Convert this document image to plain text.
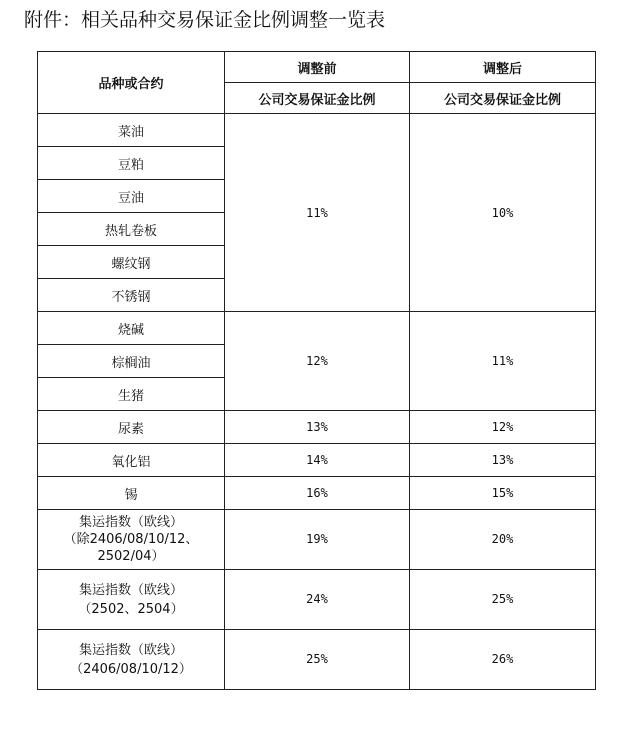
附件：相关品种交易保证金比例调整一览表
品种或合约	调整前	调整后
	公司交易保证金比例	公司交易保证金比例
菜油	11%	10%
豆粕		
豆油		
热轧卷板		
螺纹钢		
不锈钢		
烧碱	12%	11%
棕榈油		
生猪		
尿素	13%	12%
氧化铝	14%	13%
锡	16%	15%
集运指数（欧线）
（除2406/08/10/12、
2502/04）	19%	20%
集运指数（欧线）
（2502、2504）	24%	25%
集运指数（欧线）
（2406/08/10/12）	25%	26%
